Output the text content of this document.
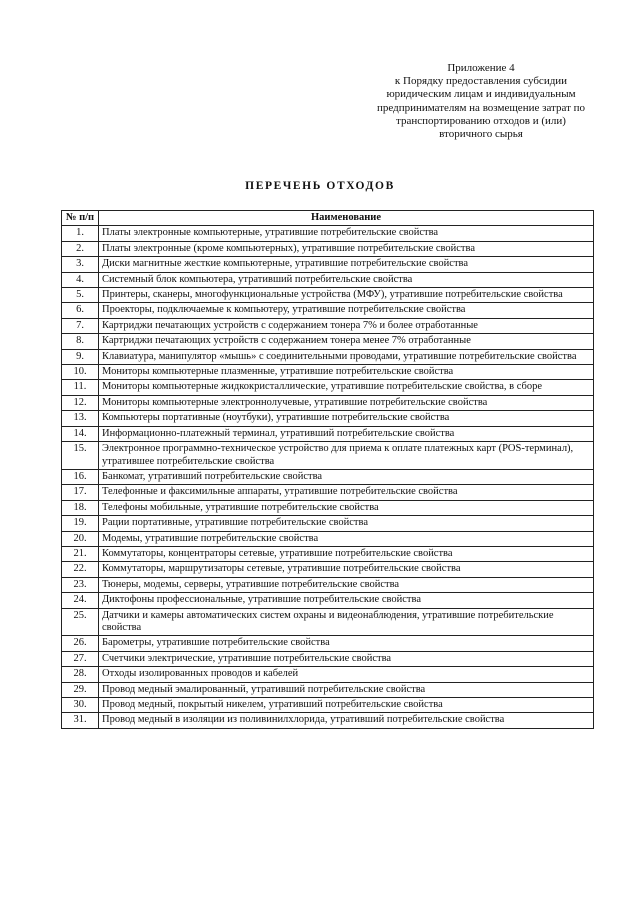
Приложение 4
к Порядку предоставления субсидии
юридическим лицам и индивидуальным
предпринимателям на возмещение затрат по
транспортированию отходов и (или)
вторичного сырья
ПЕРЕЧЕНЬ ОТХОДОВ
№ п/п	Наименование
1.	Платы электронные компьютерные, утратившие потребительские свойства
2.	Платы электронные (кроме компьютерных), утратившие потребительские свойства
3.	Диски магнитные жесткие компьютерные, утратившие потребительские свойства
4.	Системный блок компьютера, утративший потребительские свойства
5.	Принтеры, сканеры, многофункциональные устройства (МФУ), утратившие потребительские свойства
6.	Проекторы, подключаемые к компьютеру, утратившие потребительские свойства
7.	Картриджи печатающих устройств с содержанием тонера 7% и более отработанные
8.	Картриджи печатающих устройств с содержанием тонера менее 7% отработанные
9.	Клавиатура, манипулятор «мышь» с соединительными проводами, утратившие потребительские свойства
10.	Мониторы компьютерные плазменные, утратившие потребительские свойства
11.	Мониторы компьютерные жидкокристаллические, утратившие потребительские свойства, в сборе
12.	Мониторы компьютерные электроннолучевые, утратившие потребительские свойства
13.	Компьютеры портативные (ноутбуки), утратившие потребительские свойства
14.	Информационно-платежный терминал, утративший потребительские свойства
15.	Электронное программно-техническое устройство для приема к оплате платежных карт (POS-терминал), утратившее потребительские свойства
16.	Банкомат, утративший потребительские свойства
17.	Телефонные и факсимильные аппараты, утратившие потребительские свойства
18.	Телефоны мобильные, утратившие потребительские свойства
19.	Рации портативные, утратившие потребительские свойства
20.	Модемы, утратившие потребительские свойства
21.	Коммутаторы, концентраторы сетевые, утратившие потребительские свойства
22.	Коммутаторы, маршрутизаторы сетевые, утратившие потребительские свойства
23.	Тюнеры, модемы, серверы, утратившие потребительские свойства
24.	Диктофоны профессиональные, утратившие потребительские свойства
25.	Датчики и камеры автоматических систем охраны и видеонаблюдения, утратившие потребительские свойства
26.	Барометры, утратившие потребительские свойства
27.	Счетчики электрические, утратившие потребительские свойства
28.	Отходы изолированных проводов и кабелей
29.	Провод медный эмалированный, утративший потребительские свойства
30.	Провод медный, покрытый никелем, утративший потребительские свойства
31.	Провод медный в изоляции из поливинилхлорида, утративший потребительские свойства
